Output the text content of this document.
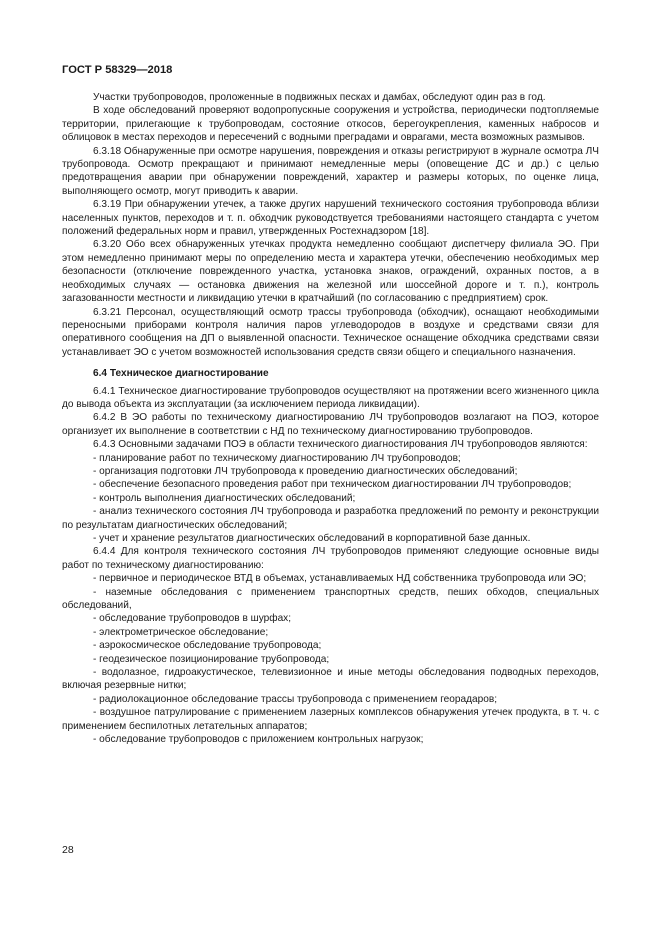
ГОСТ Р 58329—2018

Участки трубопроводов, проложенные в подвижных песках и дамбах, обследуют один раз в год.

В ходе обследований проверяют водопропускные сооружения и устройства, периодически подтопляемые территории, прилегающие к трубопроводам, состояние откосов, берегоукрепления, каменных набросов и облицовок в местах переходов и пересечений с водными преградами и оврагами, места возможных размывов.

6.3.18 Обнаруженные при осмотре нарушения, повреждения и отказы регистрируют в журнале осмотра ЛЧ трубопровода. Осмотр прекращают и принимают немедленные меры (оповещение ДС и др.) с целью предотвращения аварии при обнаружении повреждений, характер и размеры которых, по оценке лица, выполняющего осмотр, могут приводить к аварии.

6.3.19 При обнаружении утечек, а также других нарушений технического состояния трубопровода вблизи населенных пунктов, переходов и т. п. обходчик руководствуется требованиями настоящего стандарта с учетом положений федеральных норм и правил, утвержденных Ростехнадзором [18].

6.3.20 Обо всех обнаруженных утечках продукта немедленно сообщают диспетчеру филиала ЭО. При этом немедленно принимают меры по определению места и характера утечки, обеспечению необходимых мер безопасности (отключение поврежденного участка, установка знаков, ограждений, охранных постов, а в необходимых случаях — остановка движения на железной или шоссейной дороге и т. п.), контроль загазованности местности и ликвидацию утечки в кратчайший (по согласованию с предприятием) срок.

6.3.21 Персонал, осуществляющий осмотр трассы трубопровода (обходчик), оснащают необходимыми переносными приборами контроля наличия паров углеводородов в воздухе и средствами связи для оперативного сообщения на ДП о выявленной опасности. Техническое оснащение обходчика средствами связи устанавливает ЭО с учетом возможностей использования средств связи общего и специального назначения.

6.4 Техническое диагностирование

6.4.1 Техническое диагностирование трубопроводов осуществляют на протяжении всего жизненного цикла до вывода объекта из эксплуатации (за исключением периода ликвидации).

6.4.2 В ЭО работы по техническому диагностированию ЛЧ трубопроводов возлагают на ПОЭ, которое организует их выполнение в соответствии с НД по техническому диагностированию трубопроводов.

6.4.3 Основными задачами ПОЭ в области технического диагностирования ЛЧ трубопроводов являются:

- планирование работ по техническому диагностированию ЛЧ трубопроводов;

- организация подготовки ЛЧ трубопровода к проведению диагностических обследований;

- обеспечение безопасного проведения работ при техническом диагностировании ЛЧ трубопроводов;

- контроль выполнения диагностических обследований;

- анализ технического состояния ЛЧ трубопровода и разработка предложений по ремонту и реконструкции по результатам диагностических обследований;

- учет и хранение результатов диагностических обследований в корпоративной базе данных.

6.4.4 Для контроля технического состояния ЛЧ трубопроводов применяют следующие основные виды работ по техническому диагностированию:

- первичное и периодическое ВТД в объемах, устанавливаемых НД собственника трубопровода или ЭО;

- наземные обследования с применением транспортных средств, пеших обходов, специальных обследований,

- обследование трубопроводов в шурфах;

- электрометрическое обследование;

- аэрокосмическое обследование трубопровода;

- геодезическое позиционирование трубопровода;

- водолазное, гидроакустическое, телевизионное и иные методы обследования подводных переходов, включая резервные нитки;

- радиолокационное обследование трассы трубопровода с применением георадаров;

- воздушное патрулирование с применением лазерных комплексов обнаружения утечек продукта, в т. ч. с применением беспилотных летательных аппаратов;

- обследование трубопроводов с приложением контрольных нагрузок;

28
